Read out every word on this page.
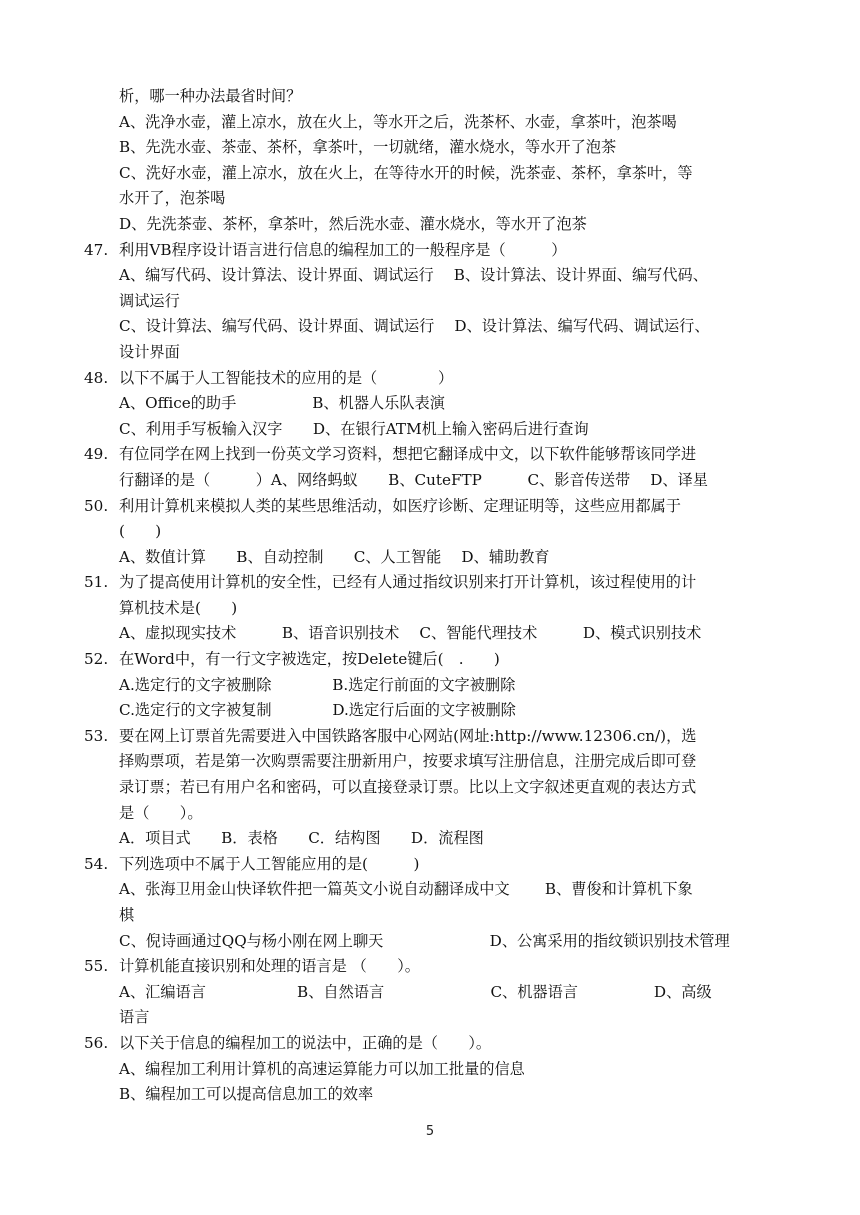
析，哪一种办法最省时间？
A、洗净水壶，灌上凉水，放在火上，等水开之后，洗茶杯、水壶，拿茶叶，泡茶喝
B、先洗水壶、茶壶、茶杯，拿茶叶，一切就绪，灌水烧水，等水开了泡茶
C、洗好水壶，灌上凉水，放在火上，在等待水开的时候，洗茶壶、茶杯，拿茶叶，等
水开了，泡茶喝
D、先洗茶壶、茶杯，拿茶叶，然后洗水壶、灌水烧水，等水开了泡茶
47. 利用VB程序设计语言进行信息的编程加工的一般程序是（　　　）
A、编写代码、设计算法、设计界面、调试运行　 B、设计算法、设计界面、编写代码、
调试运行
C、设计算法、编写代码、设计界面、调试运行　 D、设计算法、编写代码、调试运行、
设计界面
48. 以下不属于人工智能技术的应用的是（　　　　）
A、Office的助手　　　　　B、机器人乐队表演
C、利用手写板输入汉字　　D、在银行ATM机上输入密码后进行查询
49. 有位同学在网上找到一份英文学习资料，想把它翻译成中文，以下软件能够帮该同学进
行翻译的是（　　　）A、网络蚂蚁　　B、CuteFTP　　　C、影音传送带　 D、译星
50. 利用计算机来模拟人类的某些思维活动，如医疗诊断、定理证明等，这些应用都属于
(　　)
A、数值计算　　B、自动控制　　C、人工智能　 D、辅助教育
51. 为了提高使用计算机的安全性，已经有人通过指纹识别来打开计算机，该过程使用的计
算机技术是(　　)
A、虚拟现实技术　　　B、语音识别技术　 C、智能代理技术　　　D、模式识别技术
52. 在Word中，有一行文字被选定，按Delete键后(　.　　)
A.选定行的文字被删除　　　　B.选定行前面的文字被删除
C.选定行的文字被复制　　　　D.选定行后面的文字被删除
53. 要在网上订票首先需要进入中国铁路客服中心网站(网址:http://www.12306.cn/)，选
择购票项，若是第一次购票需要注册新用户，按要求填写注册信息，注册完成后即可登
录订票；若已有用户名和密码，可以直接登录订票。比以上文字叙述更直观的表达方式
是（　　）。
A．项目式　　B．表格　　C．结构图　　D．流程图
54. 下列选项中不属于人工智能应用的是(　　　)
A、张海卫用金山快译软件把一篇英文小说自动翻译成中文　　 B、曹俊和计算机下象
棋
C、倪诗画通过QQ与杨小刚在网上聊天　　　　　　　D、公寓采用的指纹锁识别技术管理
55. 计算机能直接识别和处理的语言是 （　　）。
A、汇编语言　　　　　　B、自然语言　　　　　　　C、机器语言　　　　　D、高级
语言
56. 以下关于信息的编程加工的说法中，正确的是（　　）。
A、编程加工利用计算机的高速运算能力可以加工批量的信息
B、编程加工可以提高信息加工的效率
5
